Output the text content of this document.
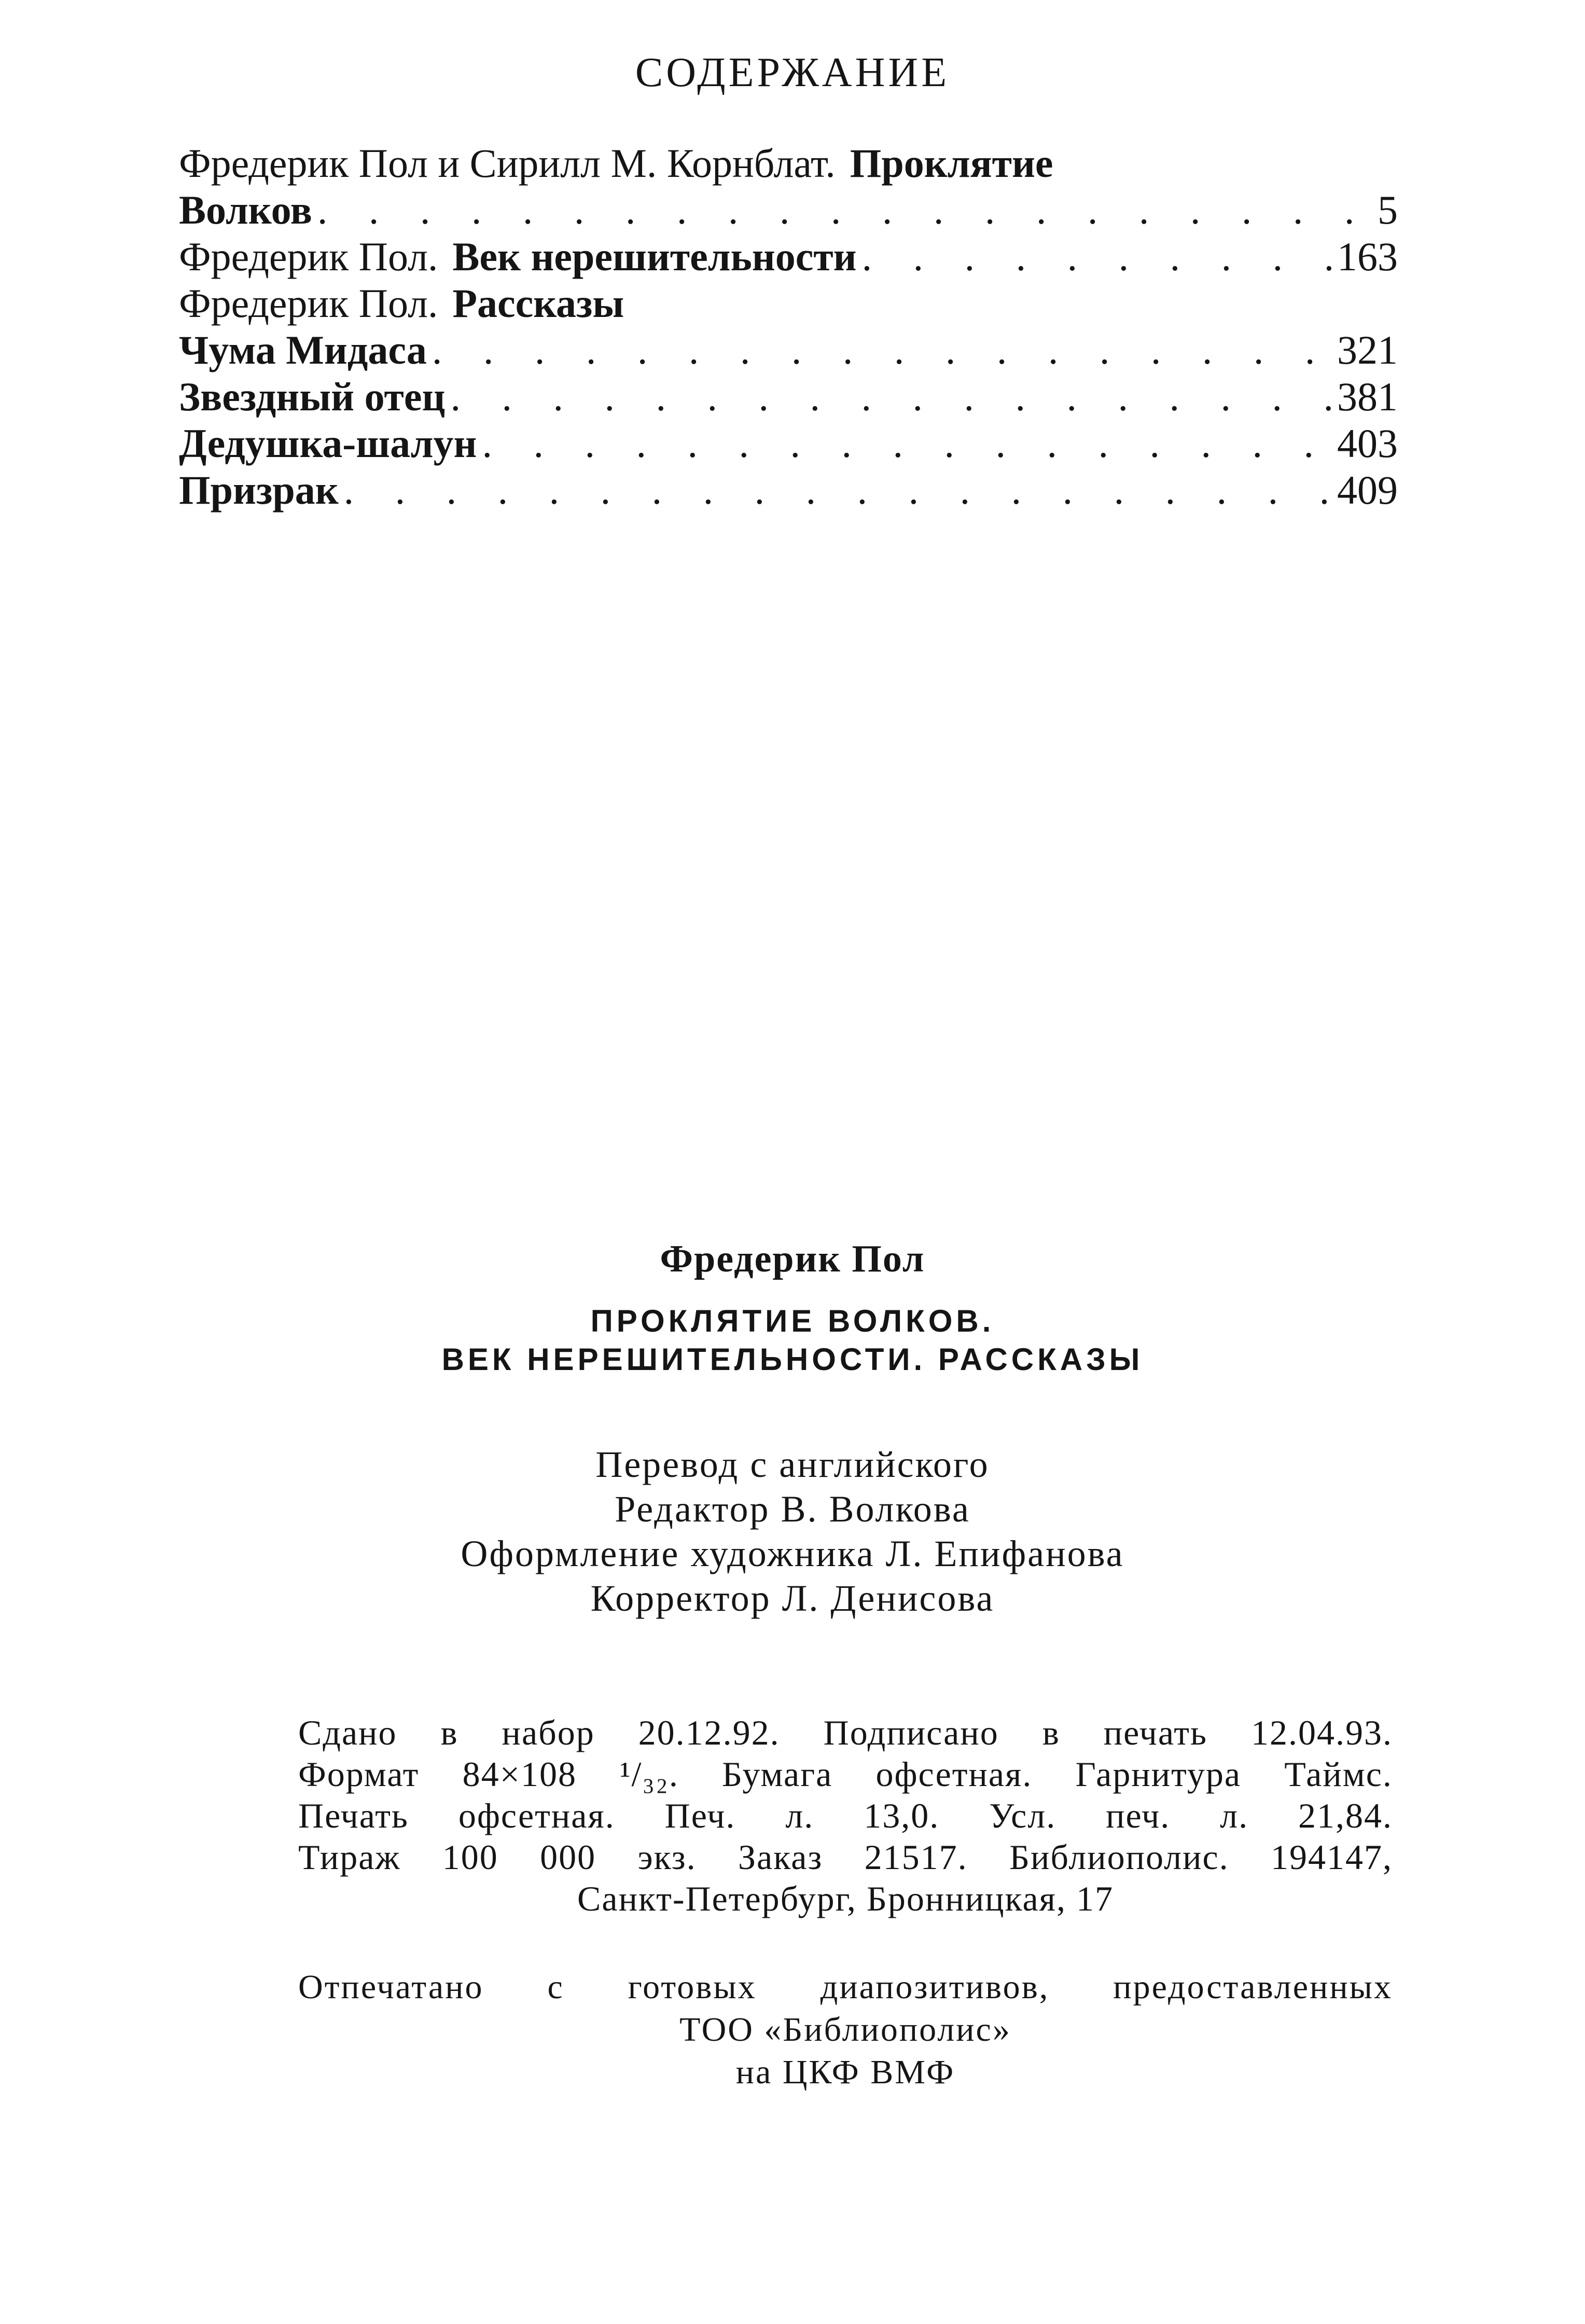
СОДЕРЖАНИЕ
Фредерик Пол и Сирилл М. Корнблат. Проклятие
Волков . . .	5
Фредерик Пол. Век нерешительности . . .	163
Фредерик Пол. Рассказы
Чума Мидаса . . .	321
Звездный отец . . .	381
Дедушка-шалун . . .	403
Призрак . . .	409
Фредерик Пол
ПРОКЛЯТИЕ ВОЛКОВ.
ВЕК НЕРЕШИТЕЛЬНОСТИ. РАССКАЗЫ
Перевод с английского
Редактор В. Волкова
Оформление художника Л. Епифанова
Корректор Л. Денисова
Сдано в набор 20.12.92. Подписано в печать 12.04.93.
Формат 84×108 ¹/₃₂. Бумага офсетная. Гарнитура Таймс.
Печать офсетная. Печ. л. 13,0. Усл. печ. л. 21,84.
Тираж 100 000 экз. Заказ 21517. Библиополис. 194147,
Санкт-Петербург, Бронницкая, 17
Отпечатано с готовых диапозитивов, предоставленных
ТОО «Библиополис»
на ЦКФ ВМФ
